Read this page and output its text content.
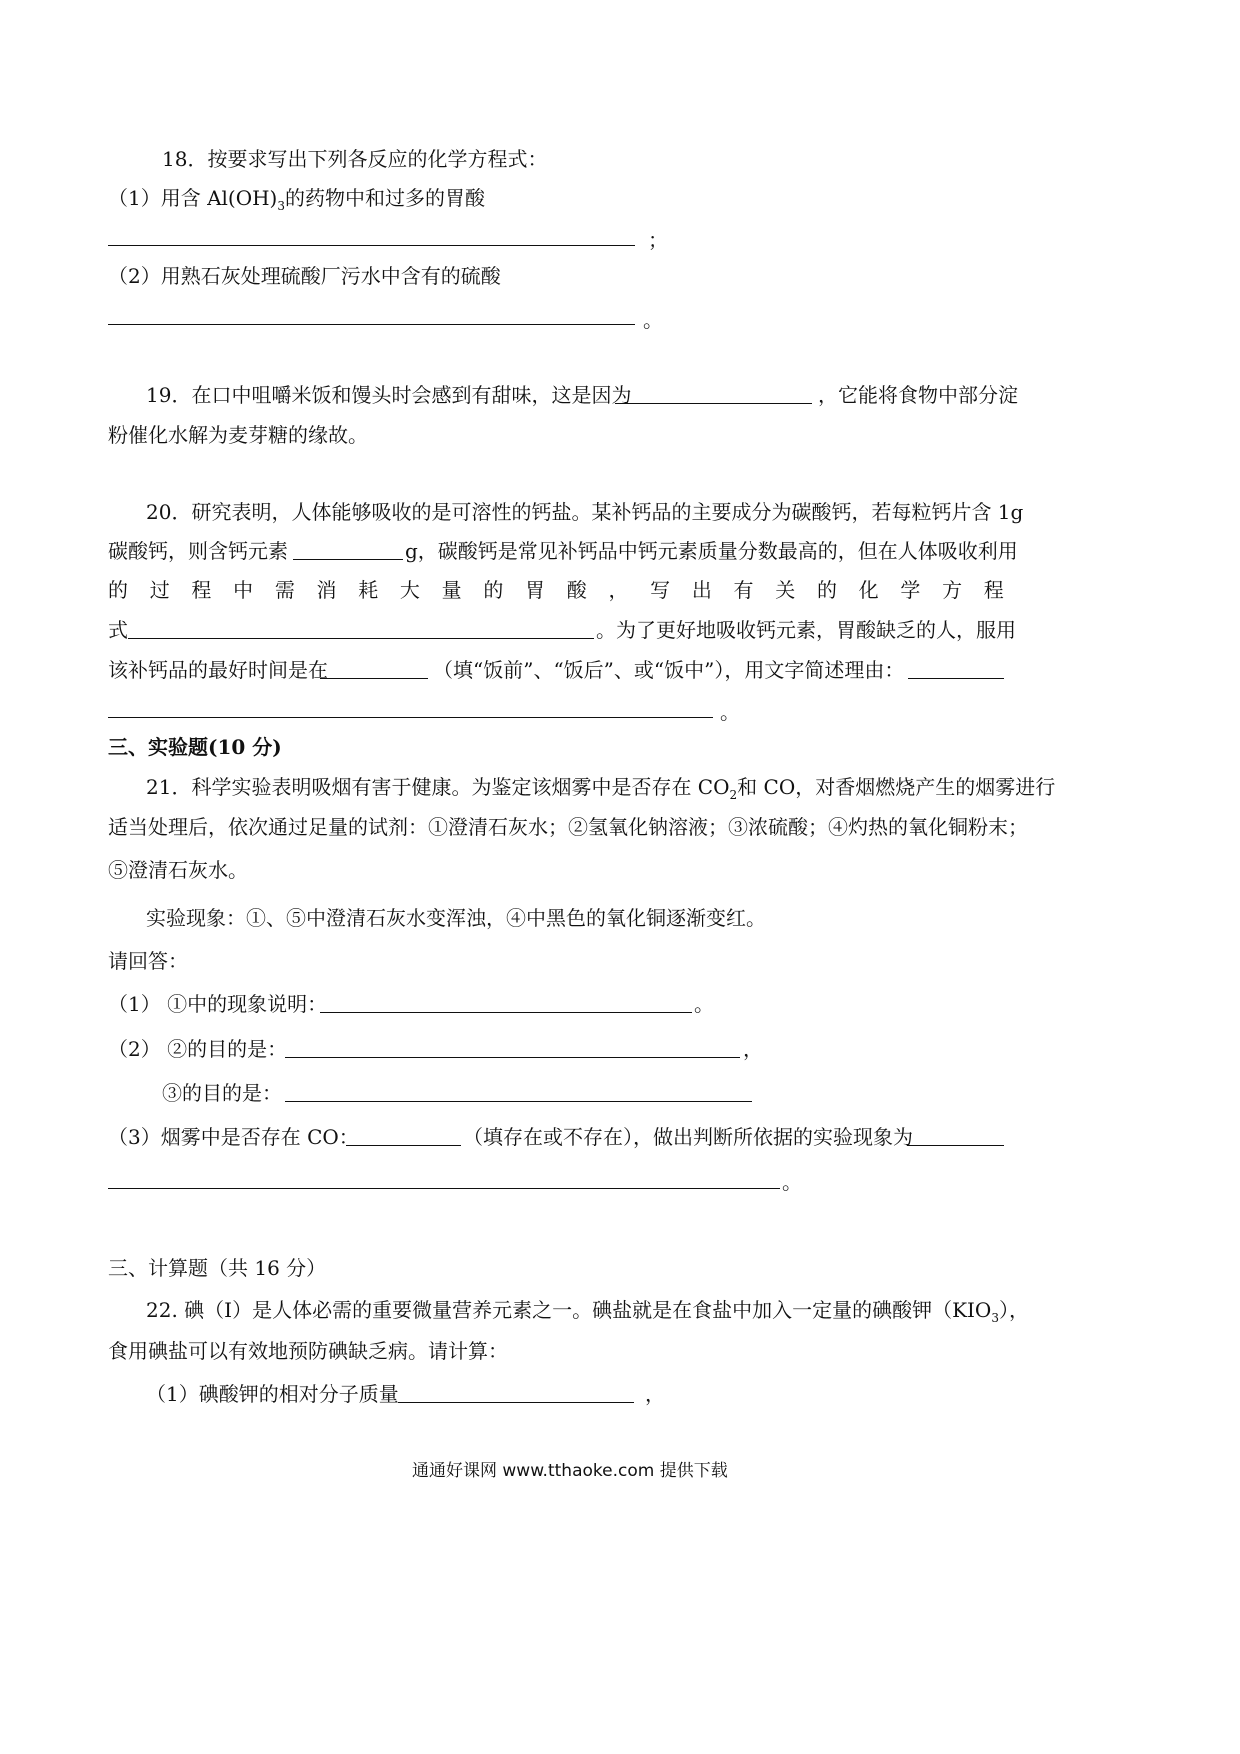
18．按要求写出下列各反应的化学方程式：
（1）用含 $Al(OH)_3$的药物中和过多的胃酸
；
（2）用熟石灰处理硫酸厂污水中含有的硫酸
。
19．在口中咀嚼米饭和馒头时会感到有甜味，这是因为	，它能将食物中部分淀
粉催化水解为麦芽糖的缘故。
20．研究表明，人体能够吸收的是可溶性的钙盐。某补钙品的主要成分为碳酸钙，若每粒钙片含 1g
碳酸钙，则含钙元素	g，碳酸钙是常见补钙品中钙元素质量分数最高的，但在人体吸收利用
的 过 程 中 需 消 耗 大 量 的 胃 酸 ， 写 出 有 关 的 化 学 方 程
式	。为了更好地吸收钙元素，胃酸缺乏的人，服用
该补钙品的最好时间是在	（填“饭前”、“饭后”、或“饭中”），用文字简述理由：
。
三、实验题(10 分)
21．科学实验表明吸烟有害于健康。为鉴定该烟雾中是否存在 $CO_2$和 CO，对香烟燃烧产生的烟雾进行
适当处理后，依次通过足量的试剂：①澄清石灰水；②氢氧化钠溶液；③浓硫酸；④灼热的氧化铜粉末；
⑤澄清石灰水。
实验现象：①、⑤中澄清石灰水变浑浊，④中黑色的氧化铜逐渐变红。
请回答：
（1） ①中的现象说明：	。
（2） ②的目的是：	，
③的目的是：
（3）烟雾中是否存在 CO：	（填存在或不存在），做出判断所依据的实验现象为
。
三、计算题（共 16 分）
22. 碘（I）是人体必需的重要微量营养元素之一。碘盐就是在食盐中加入一定量的碘酸钾$(KIO_3)$，
食用碘盐可以有效地预防碘缺乏病。请计算：
（1）碘酸钾的相对分子质量	，
通通好课网 www.tthaoke.com 提供下载
